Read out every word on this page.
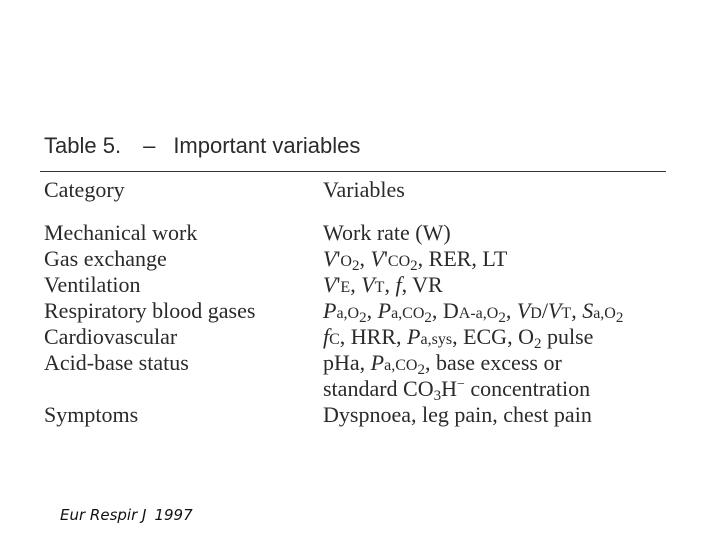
Table 5. – Important variables
Category	Variables
Mechanical work
Gas exchange
Ventilation
Respiratory blood gases
Cardiovascular
Acid-base status
Symptoms
Work rate (W)
$V'O_2$, $V'CO_2$, RER, LT
V'E, VT, f, VR
$Pa,O_2$, $Pa,CO_2$, $DA-a,O_2$, VD/VT, $Sa,O_2$
fC, HRR, Pa,sys, ECG, $O_2$ pulse
pHa, $Pa,CO_2$, base excess or
standard $CO_3H^-$ concentration
Dyspnoea, leg pain, chest pain
Eur Respir J 1997
